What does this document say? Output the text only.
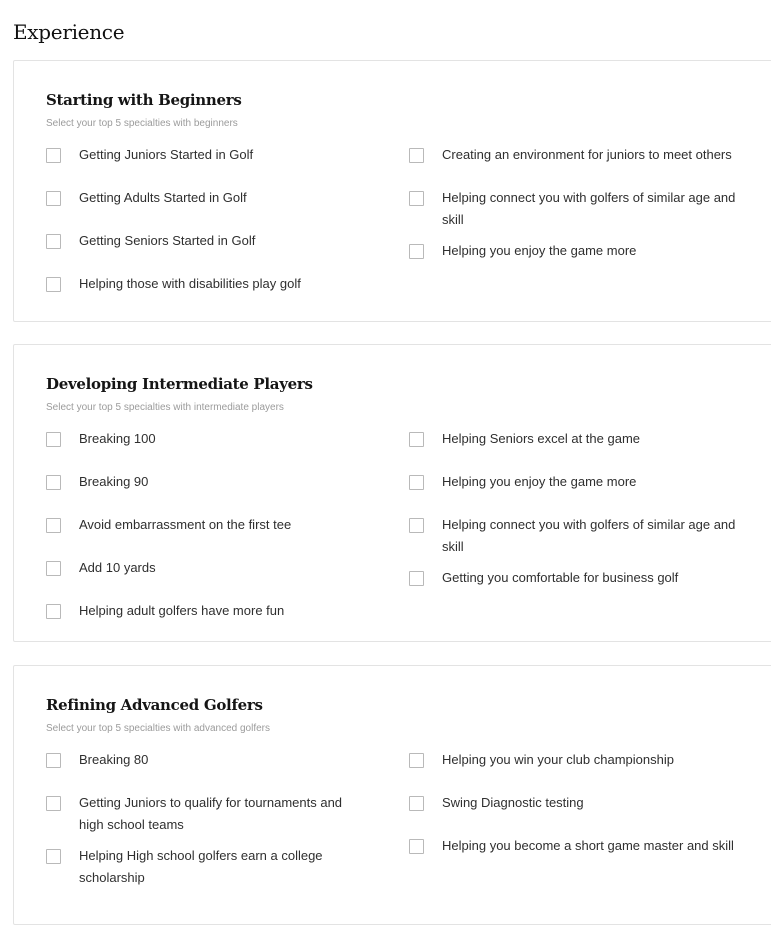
Experience
Starting with Beginners

Select your top 5 specialties with beginners

Getting Juniors Started in Golf
Getting Adults Started in Golf
Getting Seniors Started in Golf
Helping those with disabilities play golf
Creating an environment for juniors to meet others
Helping connect you with golfers of similar age and skill
Helping you enjoy the game more
Developing Intermediate Players

Select your top 5 specialties with intermediate players

Breaking 100
Breaking 90
Avoid embarrassment on the first tee
Add 10 yards
Helping adult golfers have more fun
Helping Seniors excel at the game
Helping you enjoy the game more
Helping connect you with golfers of similar age and skill
Getting you comfortable for business golf
Refining Advanced Golfers

Select your top 5 specialties with advanced golfers

Breaking 80
Getting Juniors to qualify for tournaments and high school teams
Helping High school golfers earn a college scholarship
Helping you win your club championship
Swing Diagnostic testing
Helping you become a short game master and skill
